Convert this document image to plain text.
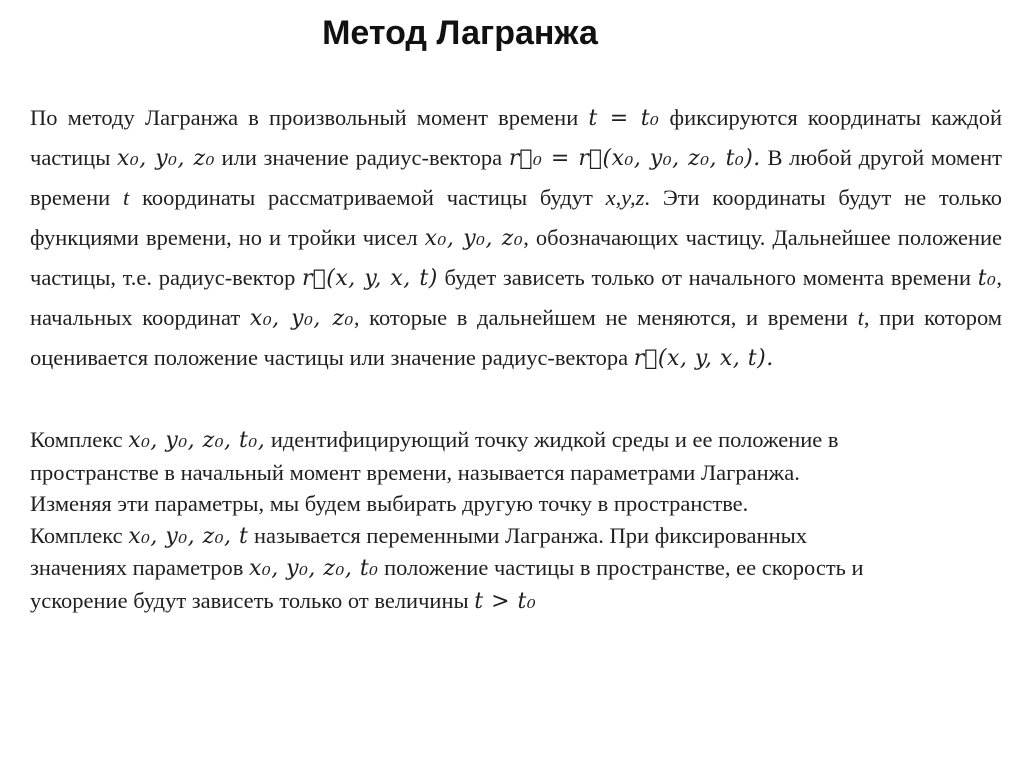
Метод Лагранжа
По методу Лагранжа в произвольный момент времени t = t₀ фиксируются координаты каждой частицы x₀, y₀, z₀ или значение радиус-вектора r⃗₀ = r⃗(x₀, y₀, z₀, t₀). В любой другой момент времени t координаты рассматриваемой частицы будут x,y,z. Эти координаты будут не только функциями времени, но и тройки чисел x₀, y₀, z₀, обозначающих частицу. Дальнейшее положение частицы, т.е. радиус-вектор r⃗(x, y, x, t) будет зависеть только от начального момента времени t₀, начальных координат x₀, y₀, z₀, которые в дальнейшем не меняются, и времени t, при котором оценивается положение частицы или значение радиус-вектора r⃗(x, y, x, t).
Комплекс x₀, y₀, z₀, t₀, идентифицирующий точку жидкой среды и ее положение в
пространстве в начальный момент времени, называется параметрами Лагранжа.
Изменяя эти параметры, мы будем выбирать другую точку в пространстве.
Комплекс x₀, y₀, z₀, t называется переменными Лагранжа. При фиксированных
значениях параметров x₀, y₀, z₀, t₀ положение частицы в пространстве, ее скорость и
ускорение будут зависеть только от величины t > t₀
